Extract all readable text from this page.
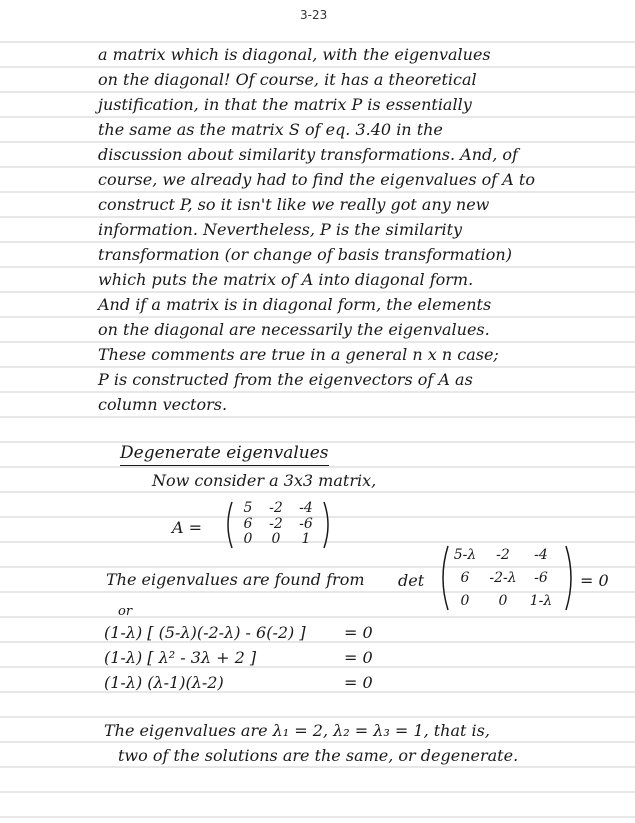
3-23
a matrix which is diagonal, with the eigenvalues
on the diagonal! Of course, it has a theoretical
justification, in that the matrix P is essentially
the same as the matrix S of eq. 3.40 in the
discussion about similarity transformations. And, of
course, we already had to find the eigenvalues of A to
construct P, so it isn't like we really got any new
information. Nevertheless, P is the similarity
transformation (or change of basis transformation)
which puts the matrix of A into diagonal form.
And if a matrix is in diagonal form, the elements
on the diagonal are necessarily the eigenvalues.
These comments are true in a general n x n case;
P is constructed from the eigenvectors of A as
column vectors.
Degenerate eigenvalues
Now consider a 3x3 matrix,
A =
5	-2	-4
6	-2	-6
0	0	1
The eigenvalues are found from det
5-λ	-2	-4
6	-2-λ	-6
0	0	1-λ
= 0
or
(1-λ) [ (5-λ)(-2-λ) - 6(-2) ] = 0
(1-λ) [ λ² - 3λ + 2 ]	= 0
(1-λ) (λ-1)(λ-2)	= 0
The eigenvalues are λ₁ = 2, λ₂ = λ₃ = 1, that is,
two of the solutions are the same, or degenerate.
